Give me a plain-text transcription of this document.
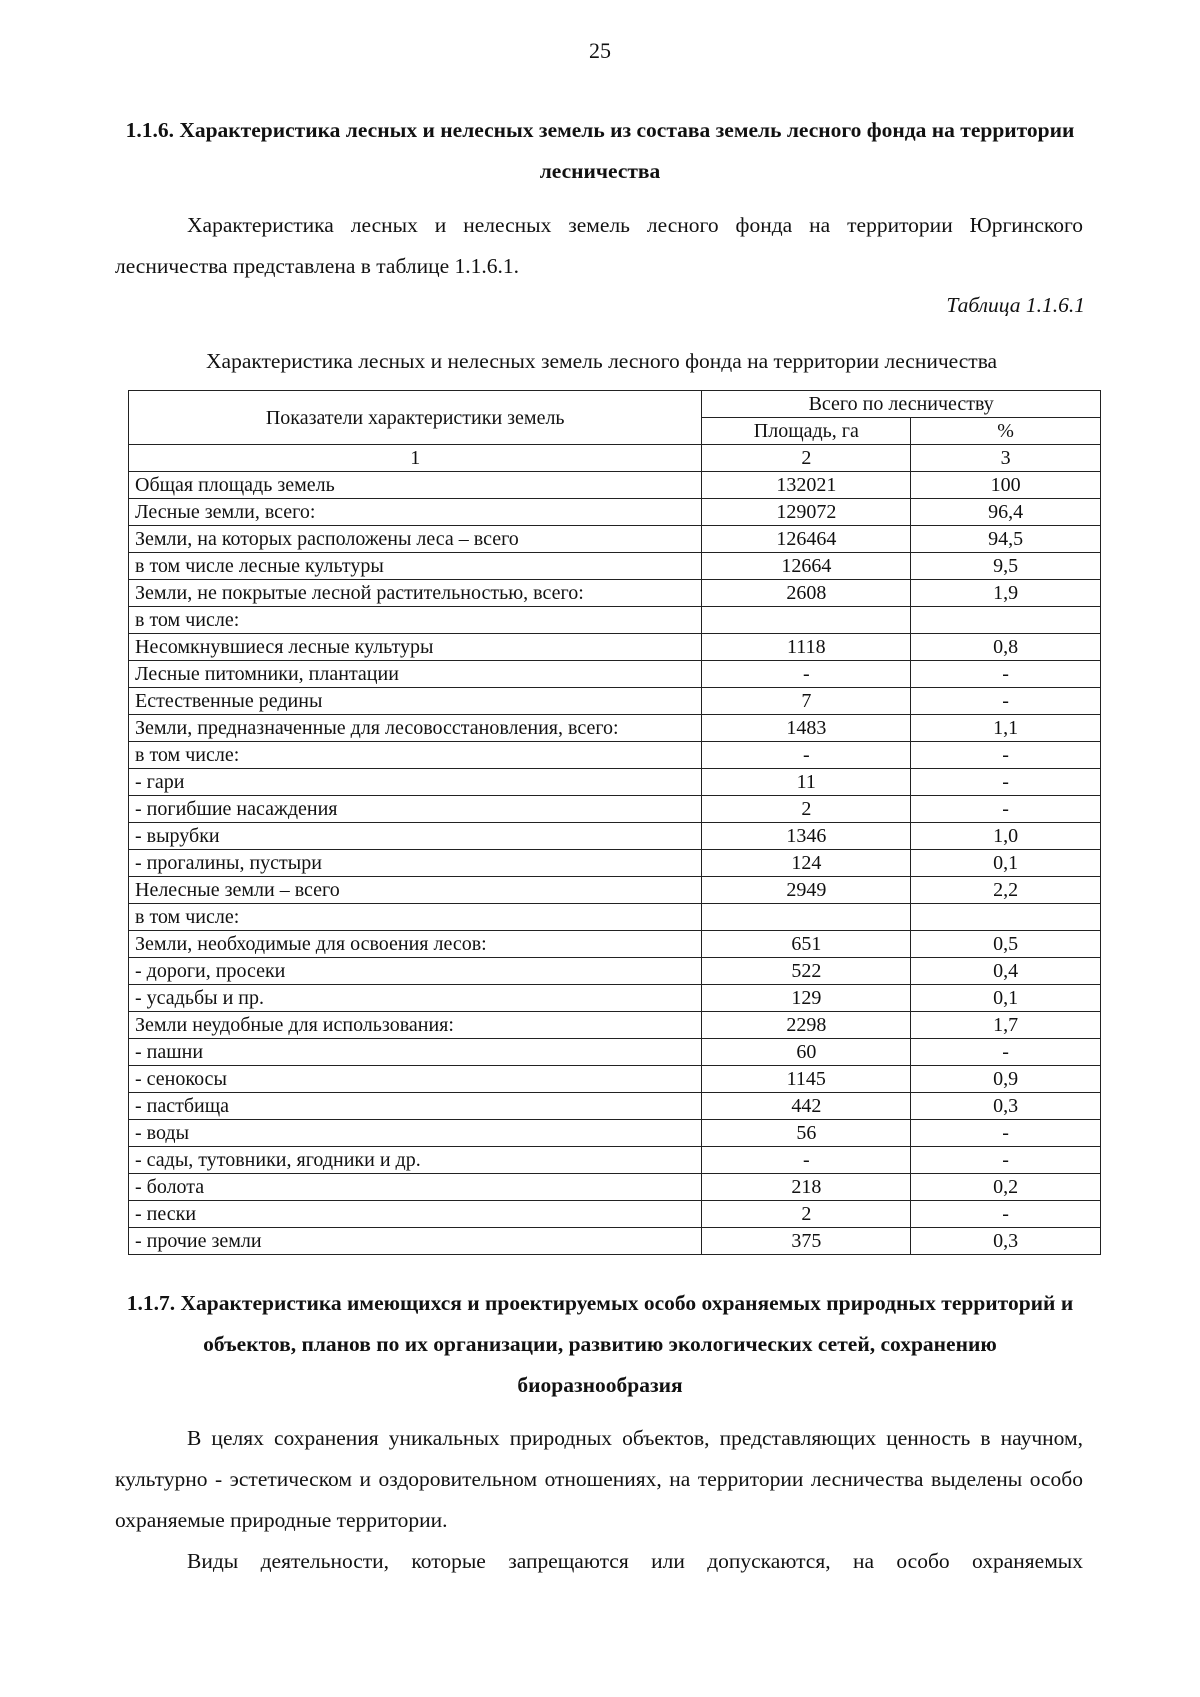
25
1.1.6. Характеристика лесных и нелесных земель из состава земель лесного фонда на территории лесничества

Характеристика лесных и нелесных земель лесного фонда на территории Юргинского лесничества представлена в таблице 1.1.6.1.

Таблица 1.1.6.1
Характеристика лесных и нелесных земель лесного фонда на территории лесничества
Показатели характеристики земель	Всего по лесничеству	
	Площадь, га	%
1	2	3
Общая площадь земель	132021	100
Лесные земли, всего:	129072	96,4
Земли, на которых расположены леса – всего	126464	94,5
в том числе лесные культуры	12664	9,5
Земли, не покрытые лесной растительностью, всего:	2608	1,9
в том числе:		
Несомкнувшиеся лесные культуры	1118	0,8
Лесные питомники, плантации	-	-
Естественные редины	7	-
Земли, предназначенные для лесовосстановления, всего:	1483	1,1
в том числе:	-	-
- гари	11	-
- погибшие насаждения	2	-
- вырубки	1346	1,0
- прогалины, пустыри	124	0,1
Нелесные земли – всего	2949	2,2
в том числе:		
Земли, необходимые для освоения лесов:	651	0,5
- дороги, просеки	522	0,4
- усадьбы и пр.	129	0,1
Земли неудобные для использования:	2298	1,7
- пашни	60	-
- сенокосы	1145	0,9
- пастбища	442	0,3
- воды	56	-
- сады, тутовники, ягодники и др.	-	-
- болота	218	0,2
- пески	2	-
- прочие земли	375	0,3
1.1.7. Характеристика имеющихся и проектируемых особо охраняемых природных территорий и объектов, планов по их организации, развитию экологических сетей, сохранению биоразнообразия

В целях сохранения уникальных природных объектов, представляющих ценность в научном, культурно - эстетическом и оздоровительном отношениях, на территории лесничества выделены особо охраняемые природные территории.

Виды деятельности, которые запрещаются или допускаются, на особо охраняемых
